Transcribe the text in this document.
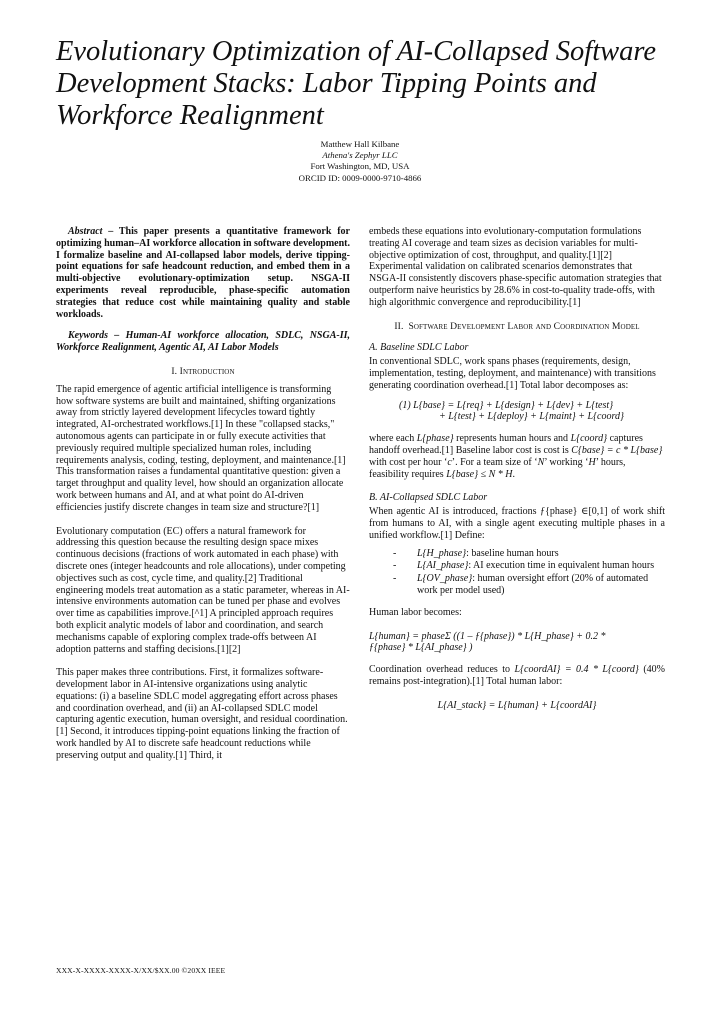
Evolutionary Optimization of AI-Collapsed Software Development Stacks: Labor Tipping Points and Workforce Realignment
Matthew Hall Kilbane
Athena's Zephyr LLC
Fort Washington, MD, USA
ORCID ID: 0009-0000-9710-4866

Abstract – This paper presents a quantitative framework for optimizing human–AI workforce allocation in software development. I formalize baseline and AI-collapsed labor models, derive tipping-point equations for safe headcount reduction, and embed them in a multi-objective evolutionary-optimization setup. NSGA-II experiments reveal reproducible, phase-specific automation strategies that reduce cost while maintaining quality and stable workloads.

Keywords – Human-AI workforce allocation, SDLC, NSGA-II, Workforce Realignment, Agentic AI, AI Labor Models

I. Introduction

The rapid emergence of agentic artificial intelligence is transforming how software systems are built and maintained, shifting organizations away from strictly layered development lifecycles toward tightly integrated, AI-orchestrated workflows.[1] In these "collapsed stacks," autonomous agents can participate in or fully execute activities that previously required multiple specialized human roles, including requirements analysis, coding, testing, deployment, and maintenance.[1] This transformation raises a fundamental quantitative question: given a target throughput and quality level, how should an organization allocate work between humans and AI, and at what point do AI-driven efficiencies justify discrete changes in team size and structure?[1]

Evolutionary computation (EC) offers a natural framework for addressing this question because the resulting design space mixes continuous decisions (fractions of work automated in each phase) with discrete ones (integer headcounts and role allocations), under competing objectives such as cost, cycle time, and quality.[2] Traditional engineering models treat automation as a static parameter, whereas in AI-intensive environments automation can be tuned per phase and evolves over time as capabilities improve.[^1] A principled approach requires both explicit analytic models of labor and coordination, and search mechanisms capable of exploring complex trade-offs between AI adoption patterns and staffing decisions.[1][2]

This paper makes three contributions. First, it formalizes software-development labor in AI-intensive organizations using analytic equations: (i) a baseline SDLC model aggregating effort across phases and coordination overhead, and (ii) an AI-collapsed SDLC model capturing agentic execution, human oversight, and residual coordination.[1] Second, it introduces tipping-point equations linking the fraction of work handled by AI to discrete safe headcount reductions while preserving output and quality.[1] Third, it

embeds these equations into evolutionary-computation formulations treating AI coverage and team sizes as decision variables for multi-objective optimization of cost, throughput, and quality.[1][2] Experimental validation on calibrated scenarios demonstrates that NSGA-II consistently discovers phase-specific automation strategies that outperform naive heuristics by 28.6% in cost-to-quality trade-offs, with high algorithmic convergence and reproducibility.[1]

II. Software Development Labor and Coordination Model
A. Baseline SDLC Labor

In conventional SDLC, work spans phases (requirements, design, implementation, testing, deployment, and maintenance) with transitions generating coordination overhead.[1] Total labor decomposes as:

(1) L{base} = L{req} + L{design} + L{dev} + L{test}
+ L{test} + L{deploy} + L{maint} + L{coord}

where each L{phase} represents human hours and L{coord} captures handoff overhead.[1] Baseline labor cost is cost is C{base} = c * L{base} with cost per hour ‘c’. For a team size of ‘N’ working ‘H’ hours, feasibility requires L{base} ≤ N * H.

B. AI-Collapsed SDLC Labor

When agentic AI is introduced, fractions ƒ{phase} ∈[0,1] of work shift from humans to AI, with a single agent executing multiple phases in a unified workflow.[1] Define:

- L{H_phase}: baseline human hours
- L{AI_phase}: AI execution time in equivalent human hours
- L{OV_phase}: human oversight effort (20% of automated work per model used)

Human labor becomes:

L{human} = phaseΣ ((1 – ƒ{phase}) * L{H_phase} + 0.2 *
ƒ{phase} * L{AI_phase} )

Coordination overhead reduces to L{coordAI} = 0.4 * L{coord} (40% remains post-integration).[1] Total human labor:

L{AI_stack} = L{human} + L{coordAI}
XXX-X-XXXX-XXXX-X/XX/$XX.00 ©20XX IEEE
